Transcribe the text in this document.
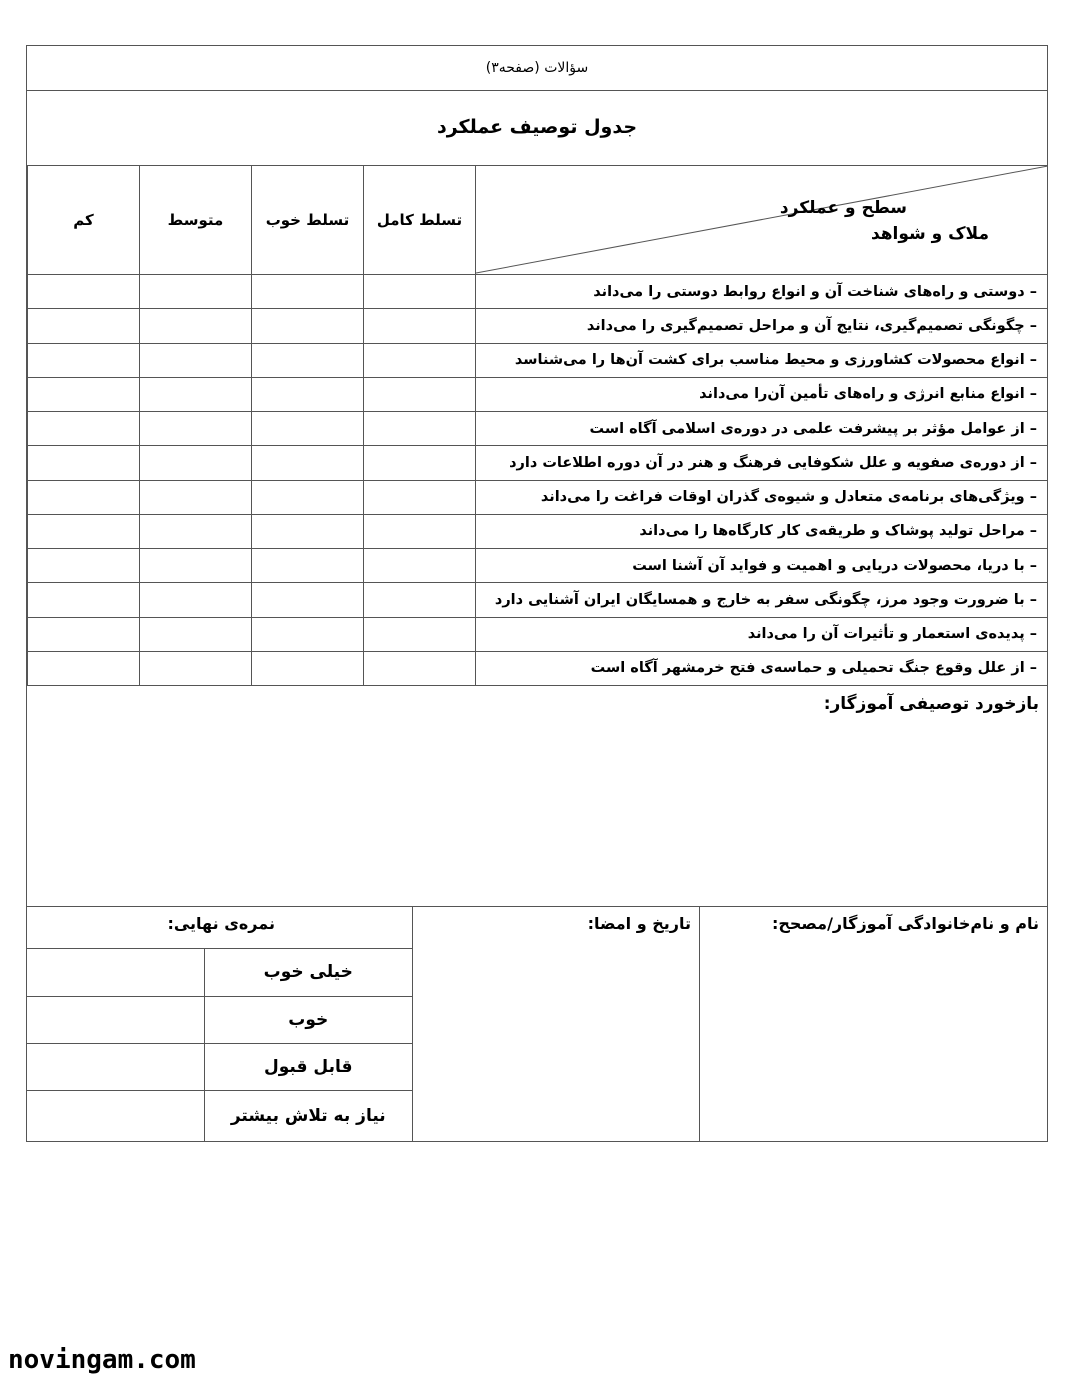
سؤالات (صفحه۳)
جدول توصیف عملکرد
سطح و عملکرد
ملاک و شواهد	تسلط کامل	تسلط خوب	متوسط	کم
– دوستی و راه‌های شناخت آن و انواع روابط دوستی را می‌داند				
– چگونگی تصمیم‌گیری، نتایج آن و مراحل تصمیم‌گیری را می‌داند				
– انواع محصولات کشاورزی و محیط مناسب برای کشت آن‌ها را می‌شناسد				
– انواع منابع انرژی و راه‌های تأمین آن‌را می‌داند				
– از عوامل مؤثر بر پیشرفت علمی در دوره‌ی اسلامی آگاه است				
– از دوره‌ی صفویه و علل شکوفایی فرهنگ و هنر در آن دوره اطلاعات دارد				
– ویژگی‌های برنامه‌ی متعادل و شیوه‌ی گذران اوقات فراغت را می‌داند				
– مراحل تولید پوشاک و طریقه‌ی کار کارگاه‌ها را می‌داند				
– با دریا، محصولات دریایی و اهمیت و فواید آن آشنا است				
– با ضرورت وجود مرز، چگونگی سفر به خارج و همسایگان ایران آشنایی دارد				
– پدیده‌ی استعمار و تأثیرات آن را می‌داند				
– از علل وقوع جنگ تحمیلی و حماسه‌ی فتح خرمشهر آگاه است				
بازخورد توصیفی آموزگار:
نام و نام‌خانوادگی آموزگار/مصحح:
تاریخ و امضا:
نمره‌ی نهایی:
خیلی خوب	
خوب	
قابل قبول	
نیاز به تلاش بیشتر	
novingam.com
